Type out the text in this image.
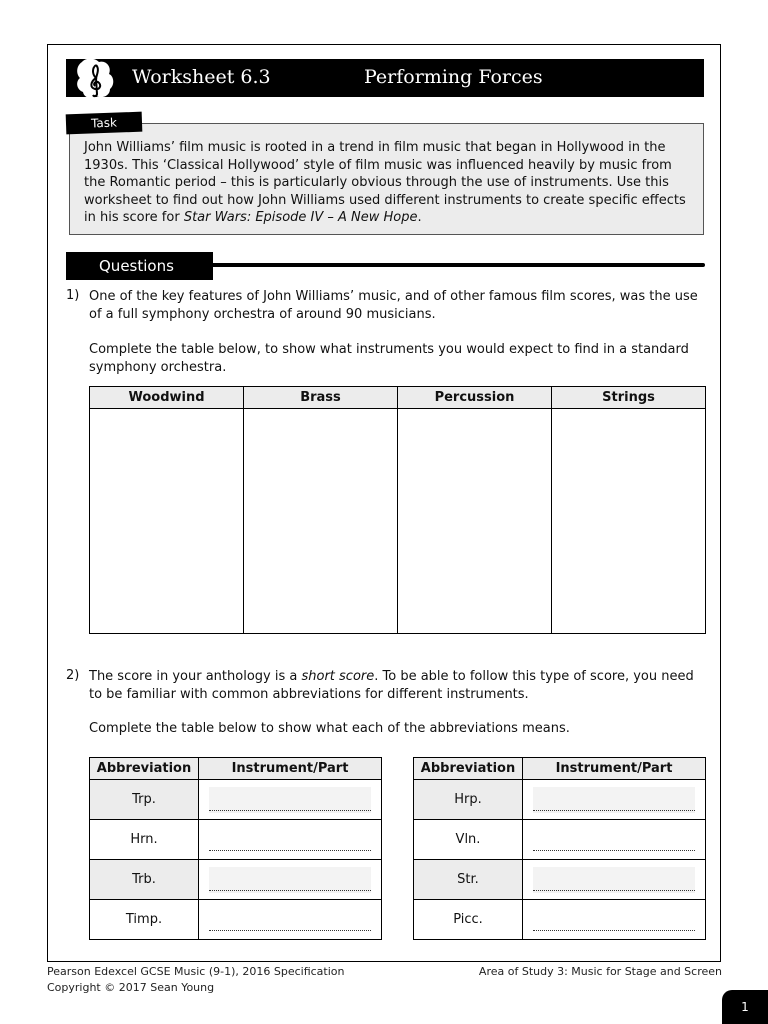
Worksheet 6.3	Performing Forces
Task
John Williams’ film music is rooted in a trend in film music that began in Hollywood in the 1930s. This ‘Classical Hollywood’ style of film music was influenced heavily by music from the Romantic period – this is particularly obvious through the use of instruments. Use this worksheet to find out how John Williams used different instruments to create specific effects in his score for Star Wars: Episode IV – A New Hope.
Questions
1) One of the key features of John Williams’ music, and of other famous film scores, was the use of a full symphony orchestra of around 90 musicians.
Complete the table below, to show what instruments you would expect to find in a standard symphony orchestra.
Woodwind	Brass	Percussion	Strings

2) The score in your anthology is a short score. To be able to follow this type of score, you need to be familiar with common abbreviations for different instruments.
Complete the table below to show what each of the abbreviations means.
Abbreviation	Instrument/Part
Trp.	

Hrn.	

Trb.	

Timp.	
Abbreviation	Instrument/Part
Hrp.	

Vln.	

Str.	

Picc.	
Pearson Edexcel GCSE Music (9-1), 2016 Specification
Copyright © 2017 Sean Young
Area of Study 3: Music for Stage and Screen
1
